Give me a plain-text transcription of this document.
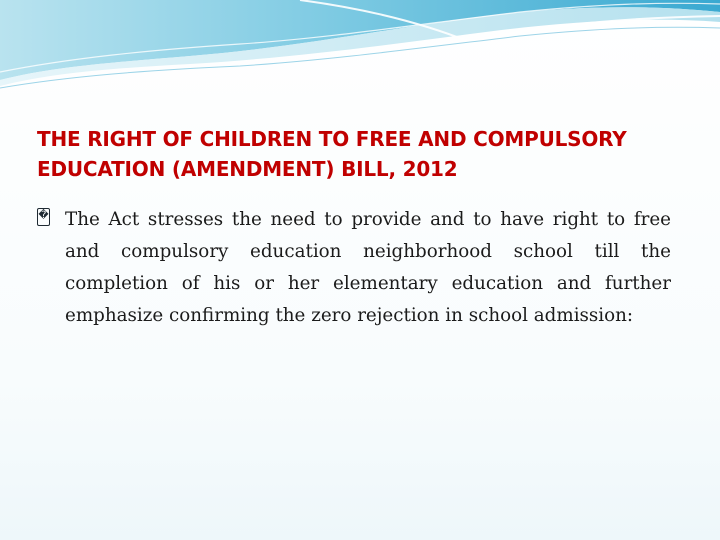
THE RIGHT OF CHILDREN TO FREE AND COMPULSORY
EDUCATION (AMENDMENT) BILL, 2012
� The Act stresses the need to provide and to have right to free and compulsory education neighborhood school till the completion of his or her elementary education and further emphasize confirming the zero rejection in school admission:
